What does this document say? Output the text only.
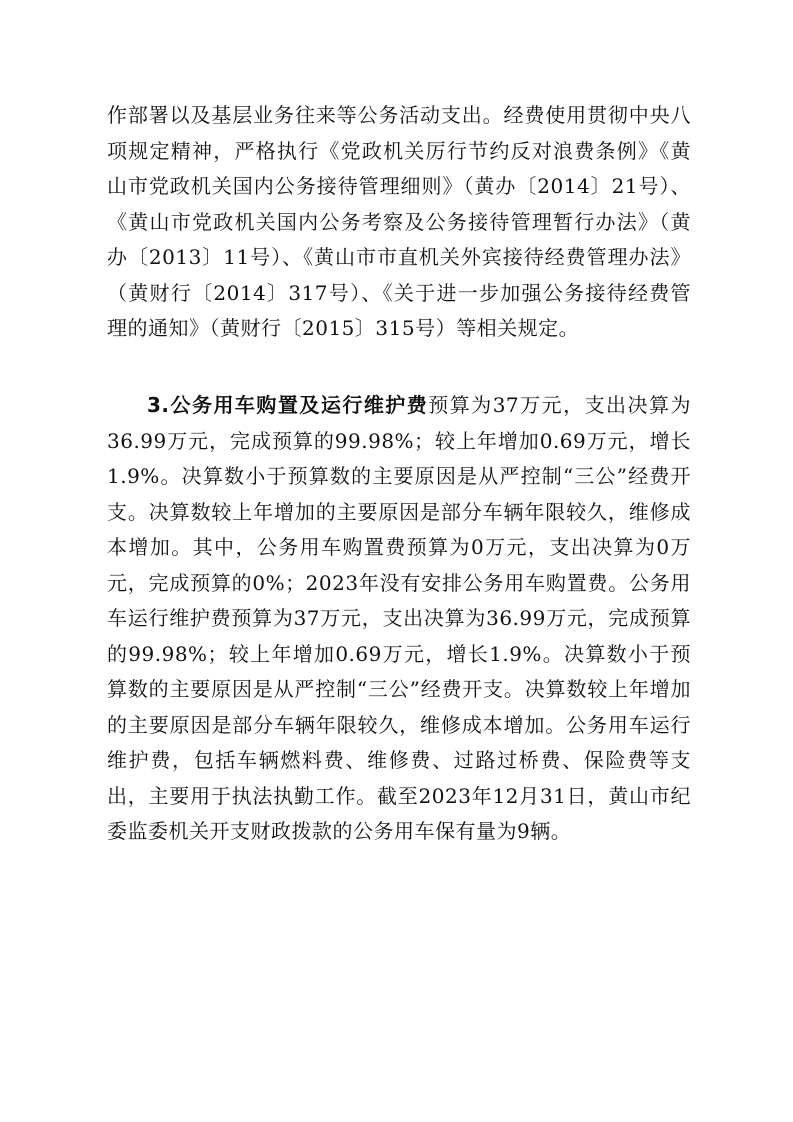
作部署以及基层业务往来等公务活动支出。经费使用贯彻中央八项规定精神，严格执行《党政机关厉行节约反对浪费条例》《黄山市党政机关国内公务接待管理细则》（黄办〔2014〕21号）、《黄山市党政机关国内公务考察及公务接待管理暂行办法》（黄办〔2013〕11号）、《黄山市市直机关外宾接待经费管理办法》（黄财行〔2014〕317号）、《关于进一步加强公务接待经费管理的通知》（黄财行〔2015〕315号）等相关规定。

3.公务用车购置及运行维护费预算为37万元，支出决算为36.99万元，完成预算的99.98%；较上年增加0.69万元，增长1.9%。决算数小于预算数的主要原因是从严控制“三公”经费开支。决算数较上年增加的主要原因是部分车辆年限较久，维修成本增加。其中，公务用车购置费预算为0万元，支出决算为0万元，完成预算的0%；2023年没有安排公务用车购置费。公务用车运行维护费预算为37万元，支出决算为36.99万元，完成预算的99.98%；较上年增加0.69万元，增长1.9%。决算数小于预算数的主要原因是从严控制“三公”经费开支。决算数较上年增加的主要原因是部分车辆年限较久，维修成本增加。公务用车运行维护费，包括车辆燃料费、维修费、过路过桥费、保险费等支出，主要用于执法执勤工作。截至2023年12月31日，黄山市纪委监委机关开支财政拨款的公务用车保有量为9辆。
